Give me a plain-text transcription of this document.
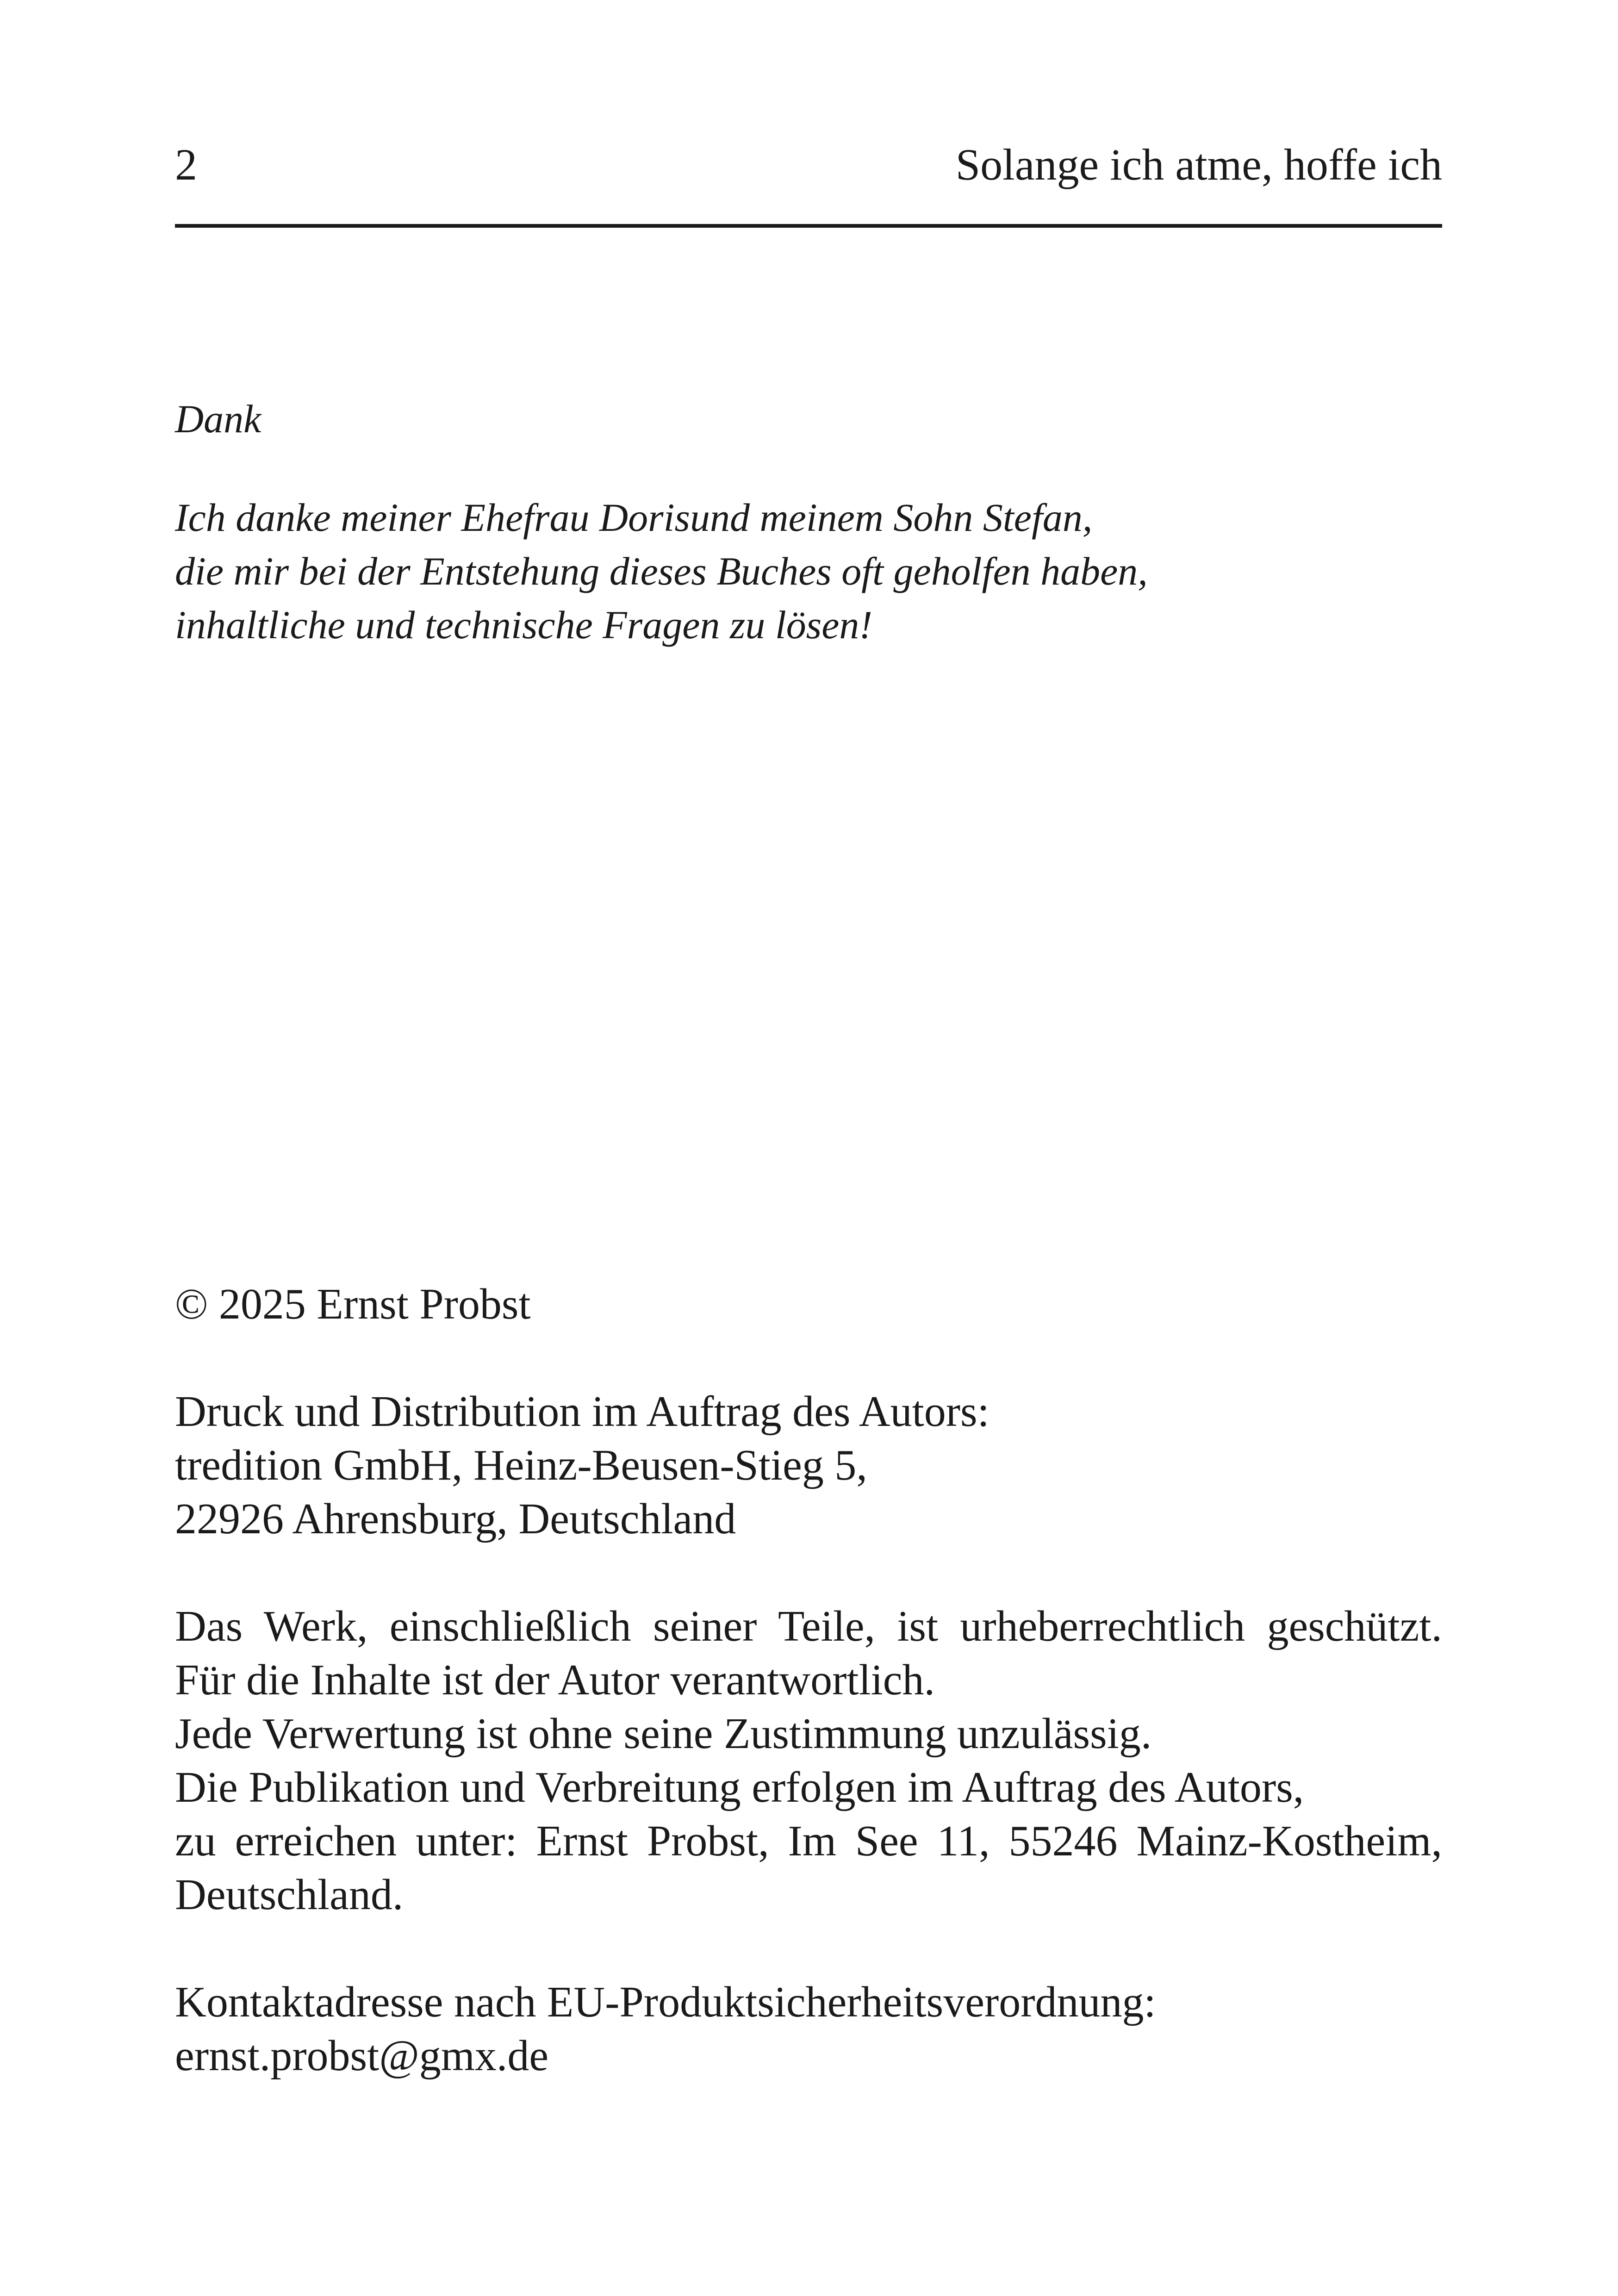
2	Solange ich atme, hoffe ich
Dank
Ich danke meiner Ehefrau Dorisund meinem Sohn Stefan,
die mir bei der Entstehung dieses Buches oft geholfen haben,
inhaltliche und technische Fragen zu lösen!
© 2025 Ernst Probst
Druck und Distribution im Auftrag des Autors:
tredition GmbH, Heinz-Beusen-Stieg 5,
22926 Ahrensburg, Deutschland
Das Werk, einschließlich seiner Teile, ist urheberrechtlich geschützt.
Für die Inhalte ist der Autor verantwortlich.
Jede Verwertung ist ohne seine Zustimmung unzulässig.
Die Publikation und Verbreitung erfolgen im Auftrag des Autors,
zu erreichen unter: Ernst Probst, Im See 11, 55246 Mainz-Kostheim,
Deutschland.
Kontaktadresse nach EU-Produktsicherheitsverordnung:
ernst.probst@gmx.de
